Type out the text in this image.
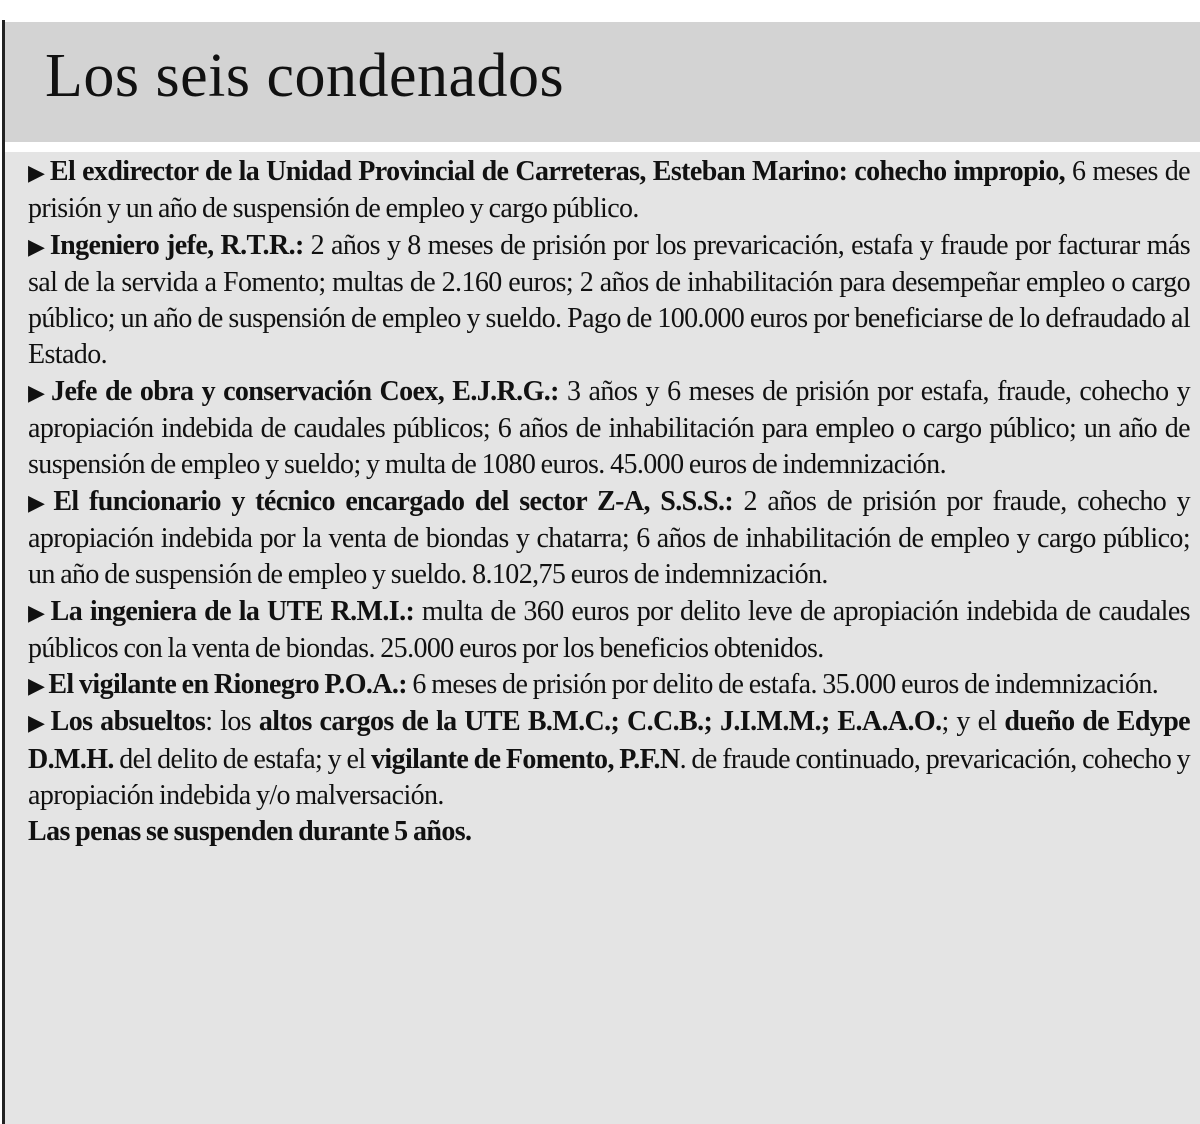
Los seis condenados

▶ El exdirector de la Unidad Provincial de Carreteras, Esteban Marino: cohecho impropio, 6 meses de prisión y un año de suspensión de empleo y cargo público.

▶ Ingeniero jefe, R.T.R.: 2 años y 8 meses de prisión por los prevaricación, estafa y fraude por facturar más sal de la servida a Fomento; multas de 2.160 euros; 2 años de inhabilitación para desempeñar empleo o cargo público; un año de suspensión de empleo y sueldo. Pago de 100.000 euros por beneficiarse de lo defraudado al Estado.

▶ Jefe de obra y conservación Coex, E.J.R.G.: 3 años y 6 meses de prisión por estafa, fraude, cohecho y apropiación indebida de caudales públicos; 6 años de inhabilitación para empleo o cargo público; un año de suspensión de empleo y sueldo; y multa de 1080 euros. 45.000 euros de indemnización.

▶ El funcionario y técnico encargado del sector Z-A, S.S.S.: 2 años de prisión por fraude, cohecho y apropiación indebida por la venta de biondas y chatarra; 6 años de inhabilitación de empleo y cargo público; un año de suspensión de empleo y sueldo. 8.102,75 euros de indemnización.

▶ La ingeniera de la UTE R.M.I.: multa de 360 euros por delito leve de apropiación indebida de caudales públicos con la venta de biondas. 25.000 euros por los beneficios obtenidos.

▶ El vigilante en Rionegro P.O.A.: 6 meses de prisión por delito de estafa. 35.000 euros de indemnización.

▶ Los absueltos: los altos cargos de la UTE B.M.C.; C.C.B.; J.I.M.M.; E.A.A.O.; y el dueño de Edype D.M.H. del delito de estafa; y el vigilante de Fomento, P.F.N. de fraude continuado, prevaricación, cohecho y apropiación indebida y/o malversación.

Las penas se suspenden durante 5 años.
